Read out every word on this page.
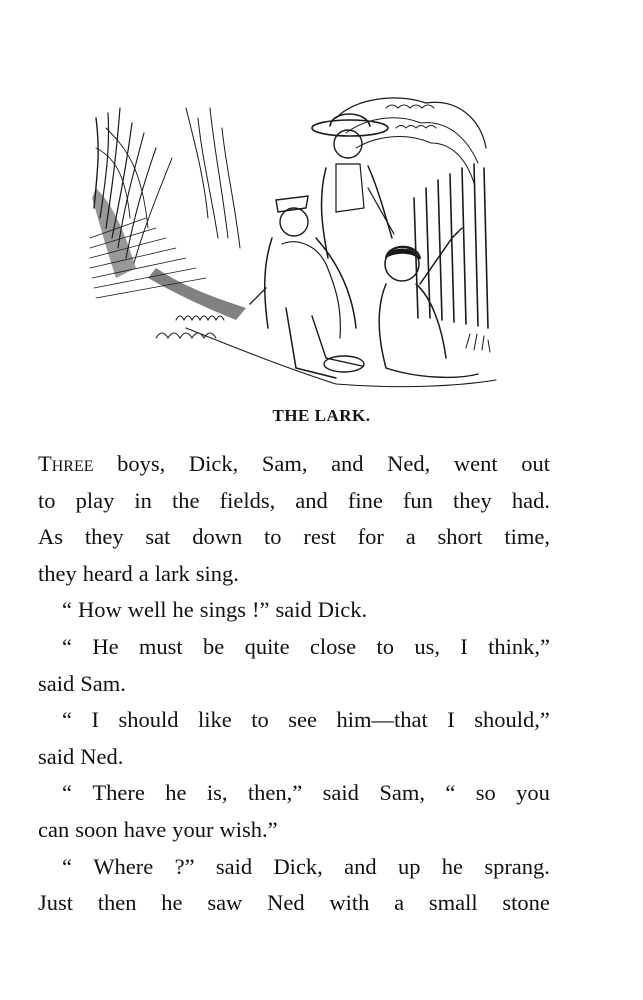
THE LARK.
Three boys, Dick, Sam, and Ned, went out
to play in the fields, and fine fun they had.
As they sat down to rest for a short time,
they heard a lark sing.
“ How well he sings !” said Dick.
“ He must be quite close to us, I think,”
said Sam.
“ I should like to see him—that I should,”
said Ned.
“ There he is, then,” said Sam, “ so you
can soon have your wish.”
“ Where ?” said Dick, and up he sprang.
Just then he saw Ned with a small stone
